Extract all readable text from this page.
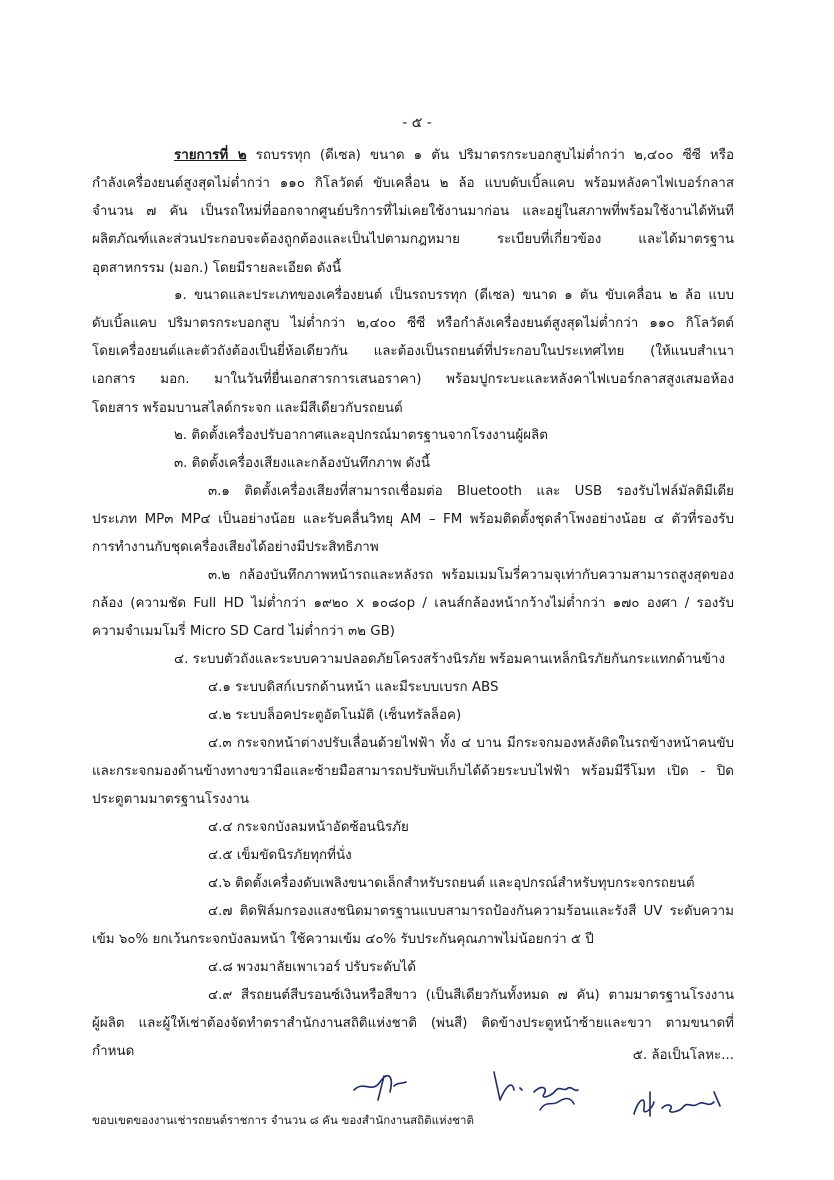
- ๕ -
รายการที่ ๒ รถบรรทุก (ดีเซล) ขนาด ๑ ตัน ปริมาตรกระบอกสูบไม่ต่ำกว่า ๒,๔๐๐ ซีซี หรือ
กำลังเครื่องยนต์สูงสุดไม่ต่ำกว่า ๑๑๐ กิโลวัตต์ ขับเคลื่อน ๒ ล้อ แบบดับเบิ้ลแคบ พร้อมหลังคาไฟเบอร์กลาส
จำนวน ๗ คัน เป็นรถใหม่ที่ออกจากศูนย์บริการที่ไม่เคยใช้งานมาก่อน และอยู่ในสภาพที่พร้อมใช้งานได้ทันที
ผลิตภัณฑ์และส่วนประกอบจะต้องถูกต้องและเป็นไปตามกฎหมาย ระเบียบที่เกี่ยวข้อง และได้มาตรฐาน
อุตสาหกรรม (มอก.) โดยมีรายละเอียด ดังนี้
๑. ขนาดและประเภทของเครื่องยนต์ เป็นรถบรรทุก (ดีเซล) ขนาด ๑ ตัน ขับเคลื่อน ๒ ล้อ แบบ
ดับเบิ้ลแคบ ปริมาตรกระบอกสูบ ไม่ต่ำกว่า ๒,๔๐๐ ซีซี หรือกำลังเครื่องยนต์สูงสุดไม่ต่ำกว่า ๑๑๐ กิโลวัตต์
โดยเครื่องยนต์และตัวถังต้องเป็นยี่ห้อเดียวกัน และต้องเป็นรถยนต์ที่ประกอบในประเทศไทย (ให้แนบสำเนา
เอกสาร มอก. มาในวันที่ยื่นเอกสารการเสนอราคา) พร้อมปูกระบะและหลังคาไฟเบอร์กลาสสูงเสมอห้อง
โดยสาร พร้อมบานสไลด์กระจก และมีสีเดียวกับรถยนต์
๒. ติดตั้งเครื่องปรับอากาศและอุปกรณ์มาตรฐานจากโรงงานผู้ผลิต
๓. ติดตั้งเครื่องเสียงและกล้องบันทึกภาพ ดังนี้
๓.๑ ติดตั้งเครื่องเสียงที่สามารถเชื่อมต่อ Bluetooth และ USB รองรับไฟล์มัลติมีเดีย
ประเภท MP๓ MP๔ เป็นอย่างน้อย และรับคลื่นวิทยุ AM – FM พร้อมติดตั้งชุดลำโพงอย่างน้อย ๔ ตัวที่รองรับ
การทำงานกับชุดเครื่องเสียงได้อย่างมีประสิทธิภาพ
๓.๒ กล้องบันทึกภาพหน้ารถและหลังรถ พร้อมเมมโมรี่ความจุเท่ากับความสามารถสูงสุดของ
กล้อง (ความชัด Full HD ไม่ต่ำกว่า ๑๙๒๐ x ๑๐๘๐p / เลนส์กล้องหน้ากว้างไม่ต่ำกว่า ๑๗๐ องศา / รองรับ
ความจำเมมโมรี่ Micro SD Card ไม่ต่ำกว่า ๓๒ GB)
๔. ระบบตัวถังและระบบความปลอดภัยโครงสร้างนิรภัย พร้อมคานเหล็กนิรภัยกันกระแทกด้านข้าง
๔.๑ ระบบดิสก์เบรกด้านหน้า และมีระบบเบรก ABS
๔.๒ ระบบล็อคประตูอัตโนมัติ (เซ็นทรัลล็อค)
๔.๓ กระจกหน้าต่างปรับเลื่อนด้วยไฟฟ้า ทั้ง ๔ บาน มีกระจกมองหลังติดในรถข้างหน้าคนขับ
และกระจกมองด้านข้างทางขวามือและซ้ายมือสามารถปรับพับเก็บได้ด้วยระบบไฟฟ้า พร้อมมีรีโมท เปิด - ปิด
ประตูตามมาตรฐานโรงงาน
๔.๔ กระจกบังลมหน้าอัดซ้อนนิรภัย
๔.๕ เข็มขัดนิรภัยทุกที่นั่ง
๔.๖ ติดตั้งเครื่องดับเพลิงขนาดเล็กสำหรับรถยนต์ และอุปกรณ์สำหรับทุบกระจกรถยนต์
๔.๗ ติดฟิล์มกรองแสงชนิดมาตรฐานแบบสามารถป้องกันความร้อนและรังสี UV ระดับความ
เข้ม ๖๐% ยกเว้นกระจกบังลมหน้า ใช้ความเข้ม ๔๐% รับประกันคุณภาพไม่น้อยกว่า ๕ ปี
๔.๘ พวงมาลัยเพาเวอร์ ปรับระดับได้
๔.๙ สีรถยนต์สีบรอนซ์เงินหรือสีขาว (เป็นสีเดียวกันทั้งหมด ๗ คัน) ตามมาตรฐานโรงงาน
ผู้ผลิต และผู้ให้เช่าต้องจัดทำตราสำนักงานสถิติแห่งชาติ (พ่นสี) ติดข้างประตูหน้าซ้ายและขวา ตามขนาดที่
กำหนด	๕. ล้อเป็นโลหะ...
ขอบเขตของงานเช่ารถยนต์ราชการ จำนวน ๘ คัน ของสำนักงานสถิติแห่งชาติ
